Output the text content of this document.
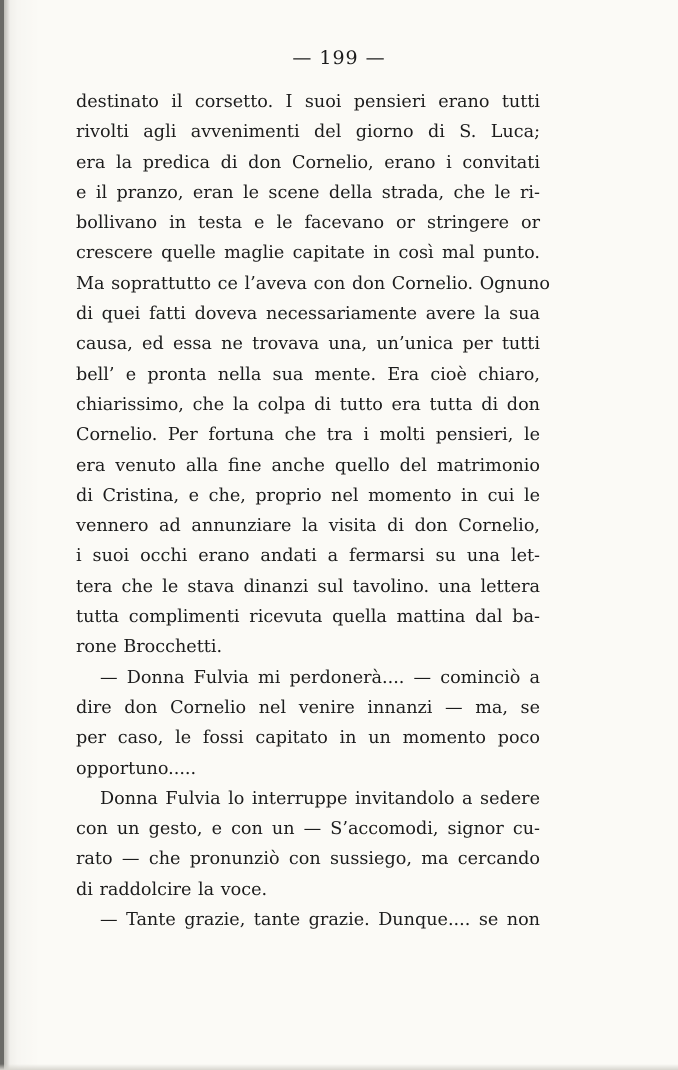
— 199 —
destinato il corsetto. I suoi pensieri erano tutti
rivolti agli avvenimenti del giorno di S. Luca;
era la predica di don Cornelio, erano i convitati
e il pranzo, eran le scene della strada, che le ri-
bollivano in testa e le facevano or stringere or
crescere quelle maglie capitate in così mal punto.
Ma soprattutto ce l’aveva con don Cornelio. Ognuno
di quei fatti doveva necessariamente avere la sua
causa, ed essa ne trovava una, un’unica per tutti
bell’ e pronta nella sua mente. Era cioè chiaro,
chiarissimo, che la colpa di tutto era tutta di don
Cornelio. Per fortuna che tra i molti pensieri, le
era venuto alla fine anche quello del matrimonio
di Cristina, e che, proprio nel momento in cui le
vennero ad annunziare la visita di don Cornelio,
i suoi occhi erano andati a fermarsi su una let-
tera che le stava dinanzi sul tavolino. una lettera
tutta complimenti ricevuta quella mattina dal ba-
rone Brocchetti.
— Donna Fulvia mi perdonerà.... — cominciò a
dire don Cornelio nel venire innanzi — ma, se
per caso, le fossi capitato in un momento poco
opportuno.....
Donna Fulvia lo interruppe invitandolo a sedere
con un gesto, e con un — S’accomodi, signor cu-
rato — che pronunziò con sussiego, ma cercando
di raddolcire la voce.
— Tante grazie, tante grazie. Dunque.... se non
